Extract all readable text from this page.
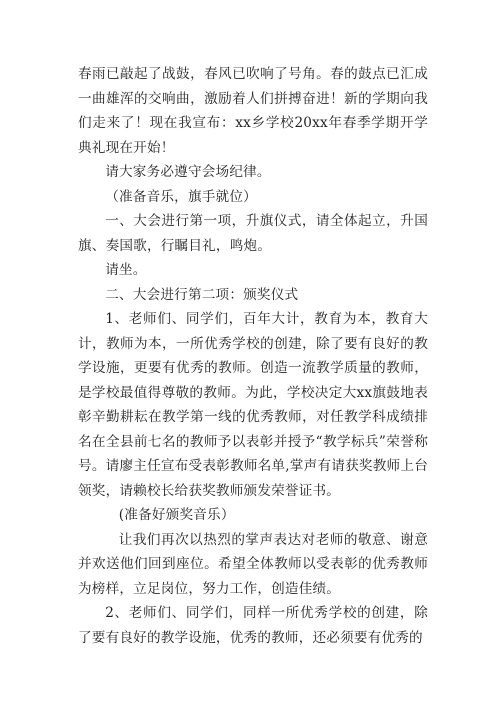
春雨已敲起了战鼓，春风已吹响了号角。春的鼓点已汇成一曲雄浑的交响曲，激励着人们拼搏奋进！新的学期向我们走来了！现在我宣布：xx乡学校20xx年春季学期开学典礼现在开始！

请大家务必遵守会场纪律。

（准备音乐，旗手就位）

一、大会进行第一项，升旗仪式，请全体起立，升国旗、奏国歌，行瞩目礼，鸣炮。

请坐。

二、大会进行第二项：颁奖仪式

1、老师们、同学们，百年大计，教育为本，教育大计，教师为本，一所优秀学校的创建，除了要有良好的教学设施，更要有优秀的教师。创造一流教学质量的教师，是学校最值得尊敬的教师。为此，学校决定大xx旗鼓地表彰辛勤耕耘在教学第一线的优秀教师，对任教学科成绩排名在全县前七名的教师予以表彰并授予“教学标兵”荣誉称号。请廖主任宣布受表彰教师名单,掌声有请获奖教师上台领奖，请赖校长给获奖教师颁发荣誉证书。

(准备好颁奖音乐）

让我们再次以热烈的掌声表达对老师的敬意、谢意并欢送他们回到座位。希望全体教师以受表彰的优秀教师为榜样，立足岗位，努力工作，创造佳绩。

2、老师们、同学们，同样一所优秀学校的创建，除了要有良好的教学设施，优秀的教师，还必须要有优秀的
